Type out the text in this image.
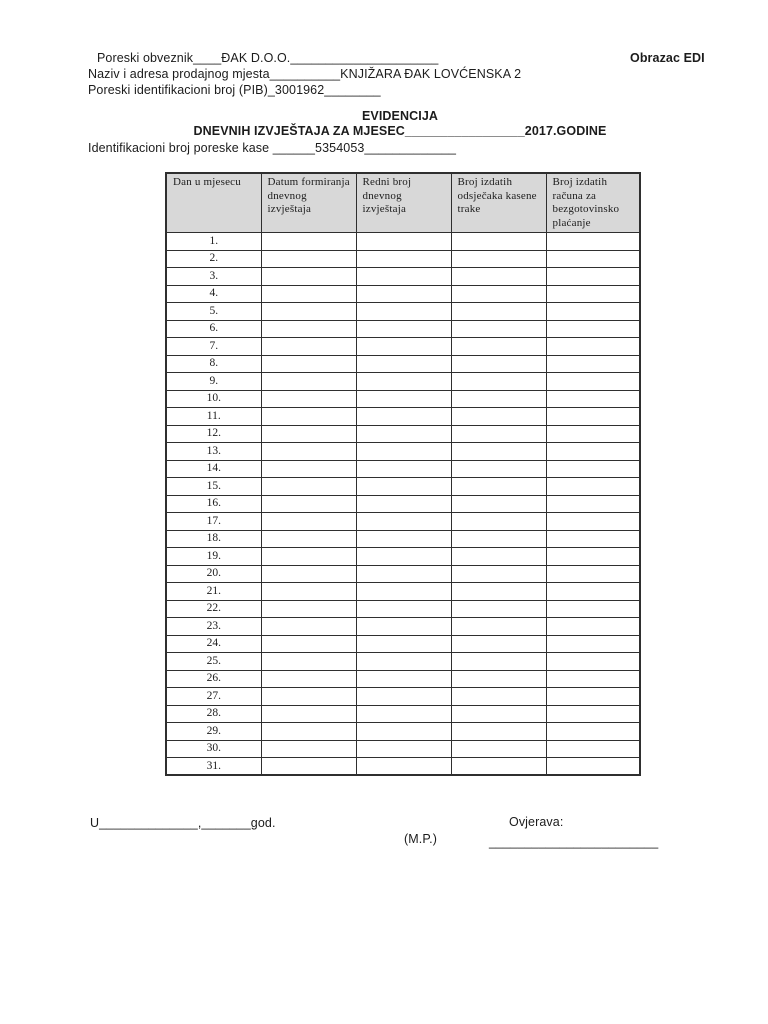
Poreski obveznik____ĐAK D.O.O._____________________	Obrazac EDI
Naziv i adresa prodajnog mjesta__________KNJIŽARA ĐAK LOVĆENSKA 2
Poreski identifikacioni broj (PIB)_3001962________
EVIDENCIJA
DNEVNIH IZVJEŠTAJA ZA MJESEC_________________2017.GODINE
Identifikacioni broj poreske kase ______5354053_____________
Dan u mjesecu	Datum formiranja dnevnog izvještaja	Redni broj dnevnog izvještaja	Broj izdatih odsječaka kasene trake	Broj izdatih računa za bezgotovinsko plaćanje
1.				
2.				
3.				
4.				
5.				
6.				
7.				
8.				
9.				
10.				
11.				
12.				
13.				
14.				
15.				
16.				
17.				
18.				
19.				
20.				
21.				
22.				
23.				
24.				
25.				
26.				
27.				
28.				
29.				
30.				
31.				
U______________,_______god.	Ovjerava:
(M.P.)	________________________
